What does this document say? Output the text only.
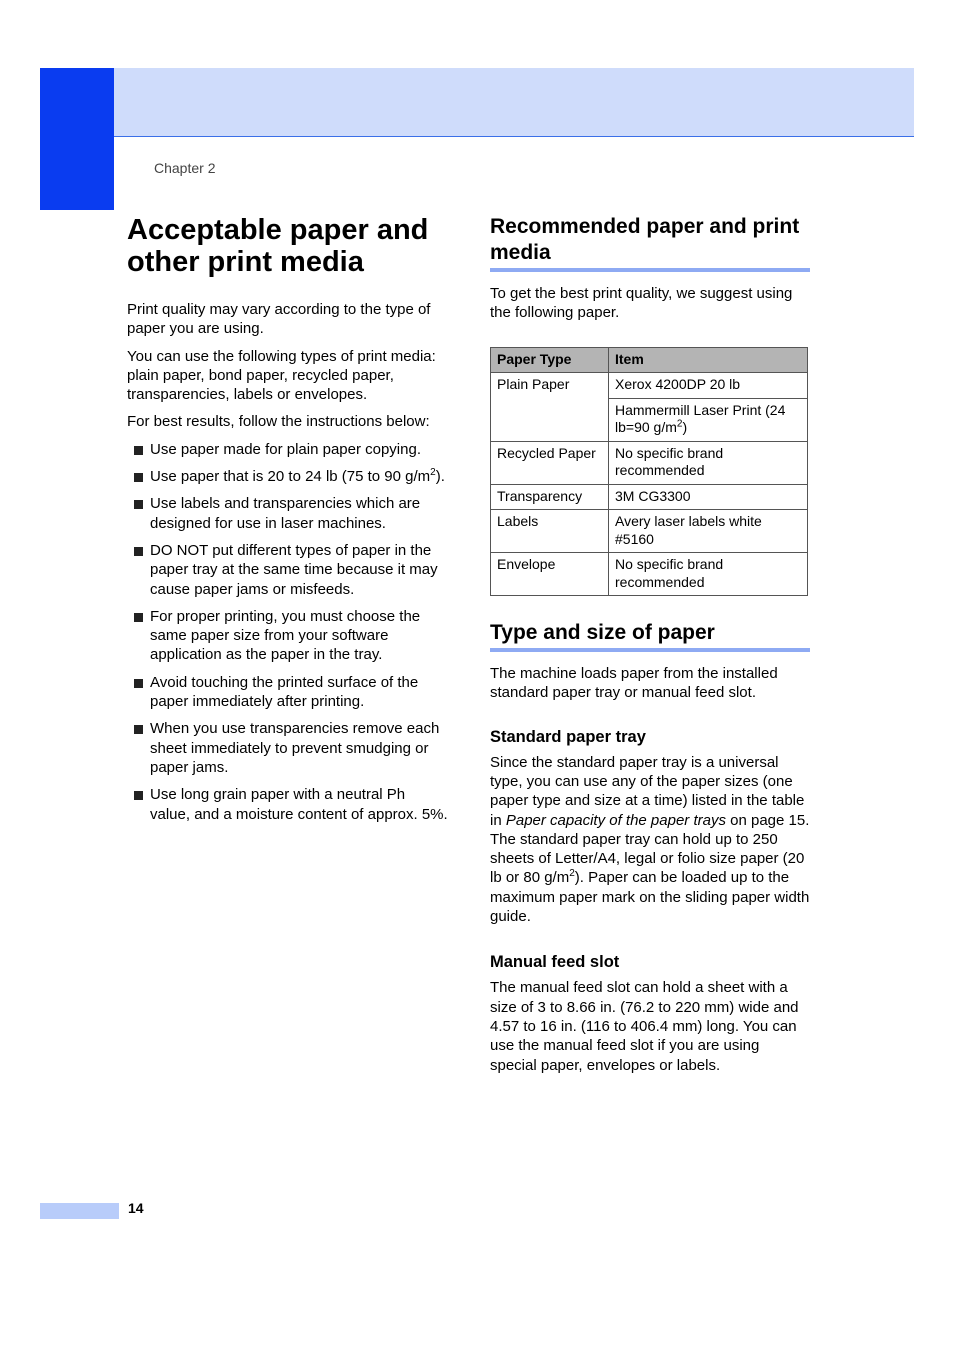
Chapter 2
Acceptable paper and other print media

Print quality may vary according to the type of paper you are using.

You can use the following types of print media: plain paper, bond paper, recycled paper, transparencies, labels or envelopes.

For best results, follow the instructions below:

Use paper made for plain paper copying.
Use paper that is 20 to 24 lb (75 to 90 $g/m^2$).
Use labels and transparencies which are designed for use in laser machines.
DO NOT put different types of paper in the paper tray at the same time because it may cause paper jams or misfeeds.
For proper printing, you must choose the same paper size from your software application as the paper in the tray.
Avoid touching the printed surface of the paper immediately after printing.
When you use transparencies remove each sheet immediately to prevent smudging or paper jams.
Use long grain paper with a neutral Ph value, and a moisture content of approx. 5%.
Recommended paper and print media

To get the best print quality, we suggest using the following paper.

Paper Type	Item
Plain Paper	Xerox 4200DP 20 lb
	Hammermill Laser Print (24 lb=90 $g/m^2$)
Recycled Paper	No specific brand recommended
Transparency	3M CG3300
Labels	Avery laser labels white #5160
Envelope	No specific brand recommended
Type and size of paper

The machine loads paper from the installed standard paper tray or manual feed slot.

Standard paper tray

Since the standard paper tray is a universal type, you can use any of the paper sizes (one paper type and size at a time) listed in the table in Paper capacity of the paper trays on page 15. The standard paper tray can hold up to 250 sheets of Letter/A4, legal or folio size paper (20 lb or 80 $g/m^2$). Paper can be loaded up to the maximum paper mark on the sliding paper width guide.

Manual feed slot

The manual feed slot can hold a sheet with a size of 3 to 8.66 in. (76.2 to 220 mm) wide and 4.57 to 16 in. (116 to 406.4 mm) long. You can use the manual feed slot if you are using special paper, envelopes or labels.

14
